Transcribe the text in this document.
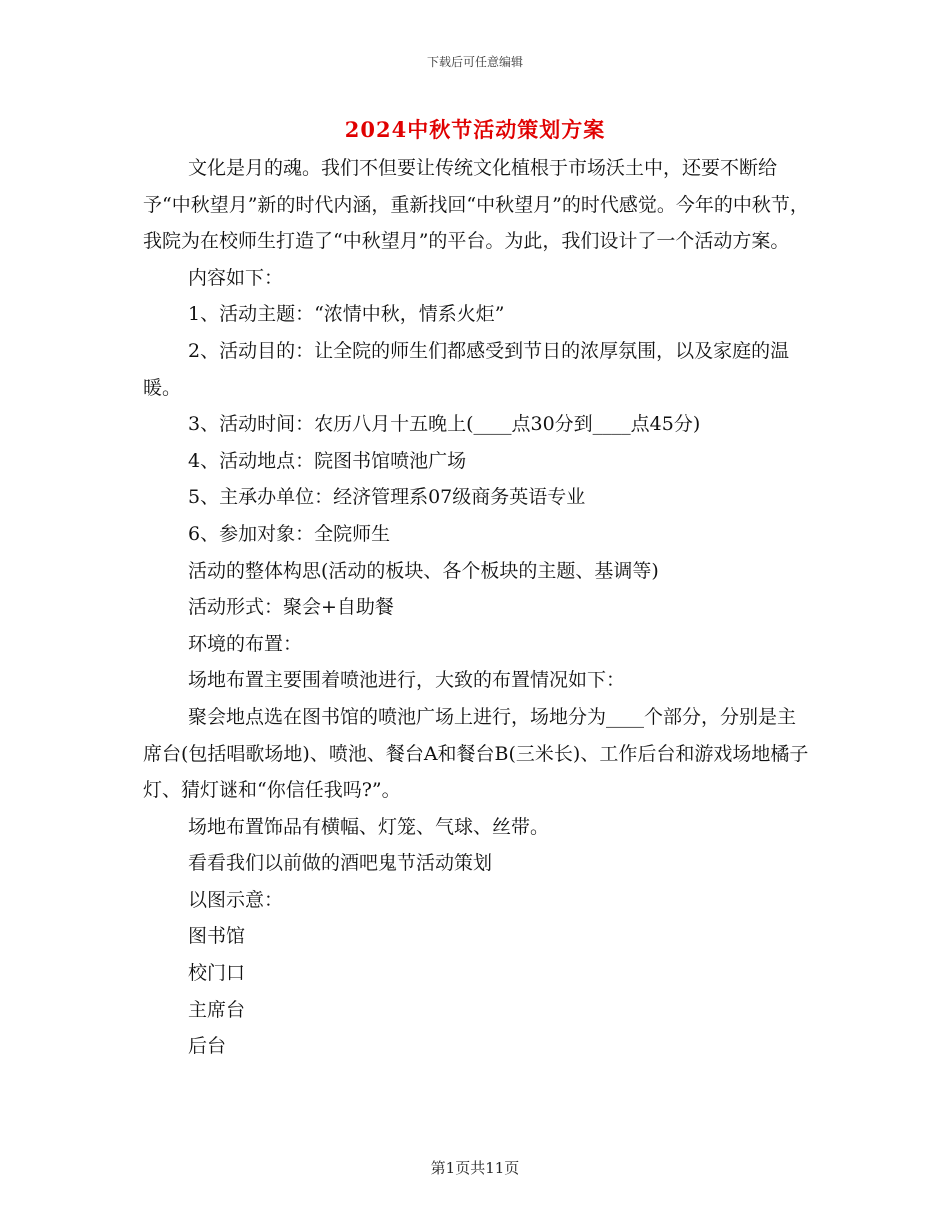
下载后可任意编辑
2024中秋节活动策划方案

文化是月的魂。我们不但要让传统文化植根于市场沃土中，还要不断给予“中秋望月”新的时代内涵，重新找回“中秋望月”的时代感觉。今年的中秋节，我院为在校师生打造了“中秋望月”的平台。为此，我们设计了一个活动方案。

内容如下：

1、活动主题：“浓情中秋，情系火炬”

2、活动目的：让全院的师生们都感受到节日的浓厚氛围，以及家庭的温暖。

3、活动时间：农历八月十五晚上(____点30分到____点45分)

4、活动地点：院图书馆喷池广场

5、主承办单位：经济管理系07级商务英语专业

6、参加对象：全院师生

活动的整体构思(活动的板块、各个板块的主题、基调等)

活动形式：聚会+自助餐

环境的布置：

场地布置主要围着喷池进行，大致的布置情况如下：

聚会地点选在图书馆的喷池广场上进行，场地分为____个部分，分别是主席台(包括唱歌场地)、喷池、餐台A和餐台B(三米长)、工作后台和游戏场地橘子灯、猜灯谜和“你信任我吗?”。

场地布置饰品有横幅、灯笼、气球、丝带。

看看我们以前做的酒吧鬼节活动策划

以图示意：

图书馆

校门口

主席台

后台

第1页共11页
